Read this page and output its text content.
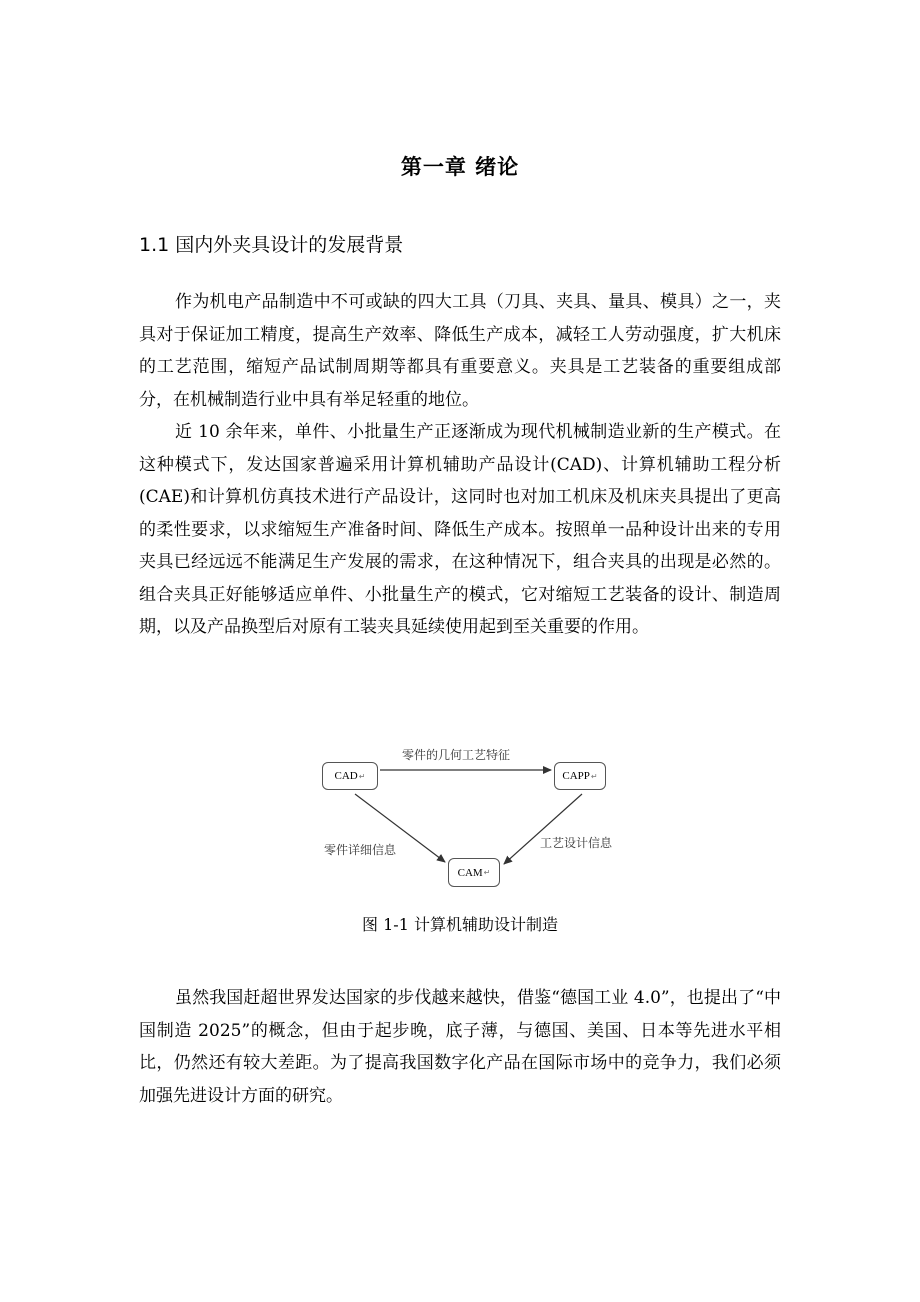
第一章 绪论
1.1 国内外夹具设计的发展背景

作为机电产品制造中不可或缺的四大工具（刀具、夹具、量具、模具）之一，夹具对于保证加工精度，提高生产效率、降低生产成本，减轻工人劳动强度，扩大机床的工艺范围，缩短产品试制周期等都具有重要意义。夹具是工艺装备的重要组成部分，在机械制造行业中具有举足轻重的地位。

近 10 余年来，单件、小批量生产正逐渐成为现代机械制造业新的生产模式。在这种模式下，发达国家普遍采用计算机辅助产品设计(CAD)、计算机辅助工程分析(CAE)和计算机仿真技术进行产品设计，这同时也对加工机床及机床夹具提出了更高的柔性要求，以求缩短生产准备时间、降低生产成本。按照单一品种设计出来的专用夹具已经远远不能满足生产发展的需求，在这种情况下，组合夹具的出现是必然的。组合夹具正好能够适应单件、小批量生产的模式，它对缩短工艺装备的设计、制造周期，以及产品换型后对原有工装夹具延续使用起到至关重要的作用。

零件的几何工艺特征
零件详细信息	工艺设计信息
CAD ↵	CAPP ↵
CAM ↵
图 1-1 计算机辅助设计制造

虽然我国赶超世界发达国家的步伐越来越快，借鉴“德国工业 4.0”，也提出了“中国制造 2025”的概念，但由于起步晚，底子薄，与德国、美国、日本等先进水平相比，仍然还有较大差距。为了提高我国数字化产品在国际市场中的竞争力，我们必须加强先进设计方面的研究。
